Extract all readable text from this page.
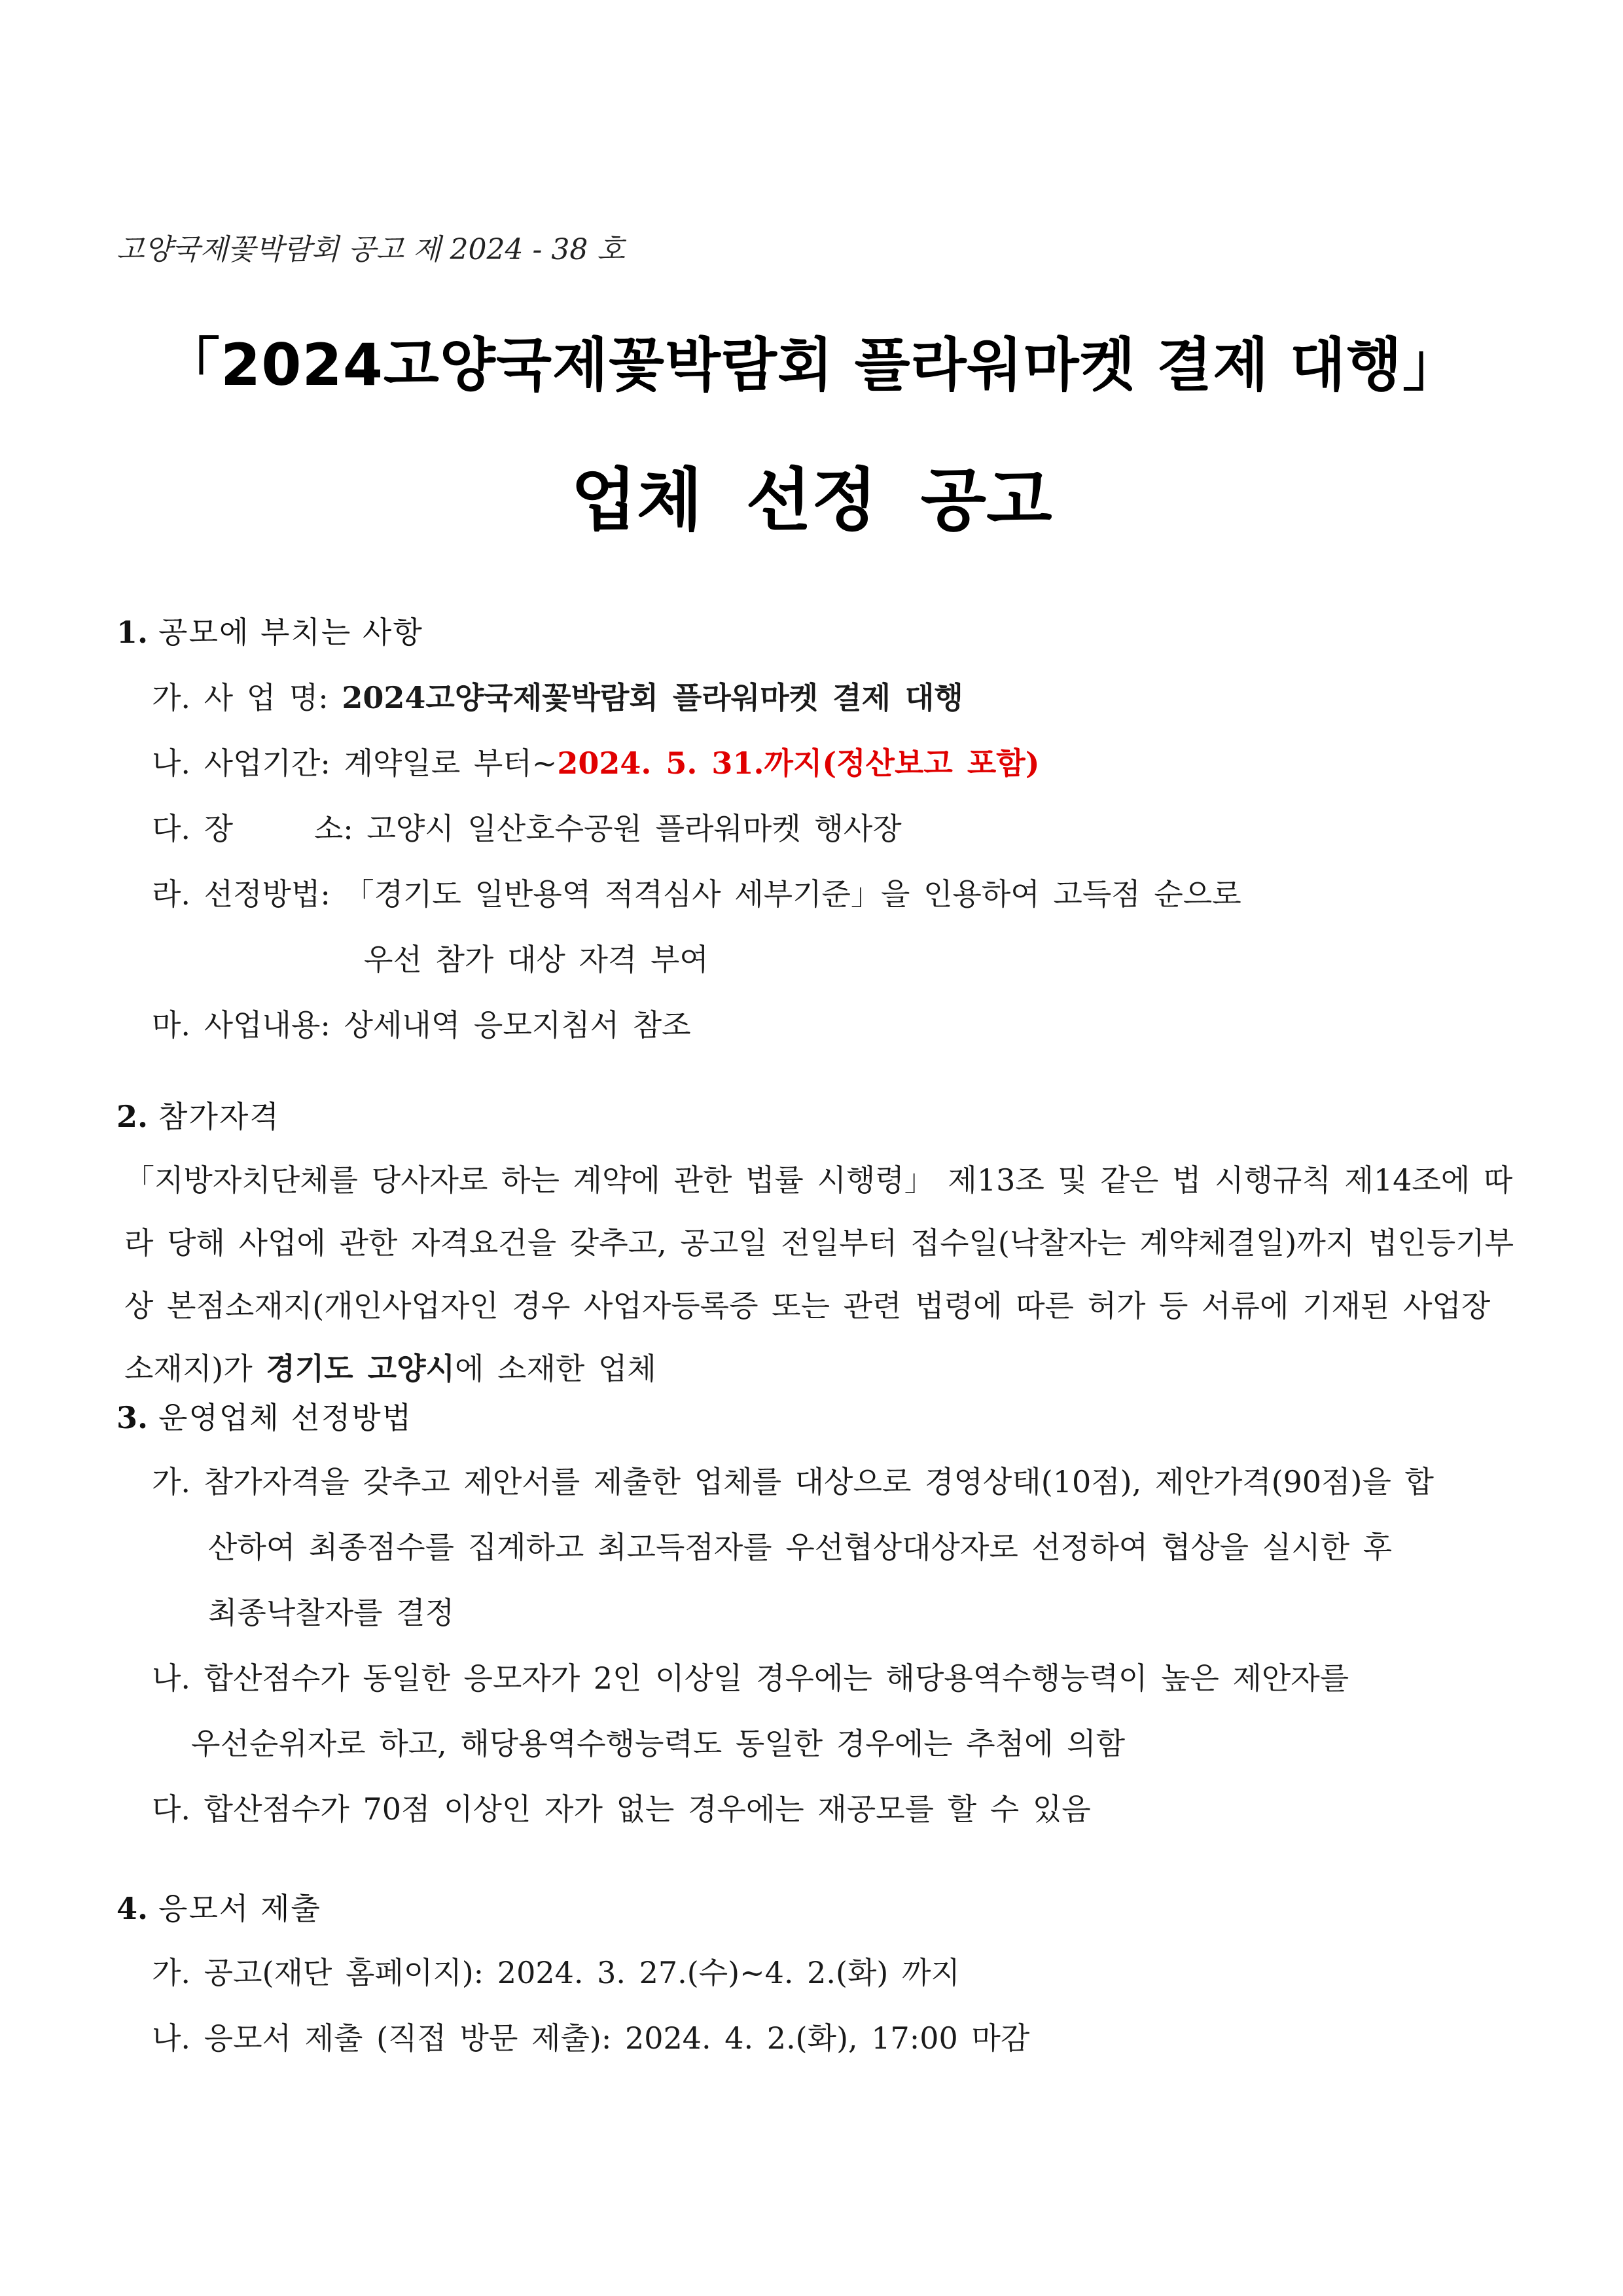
고양국제꽃박람회 공고 제 2024 - 38 호
「2024고양국제꽃박람회 플라워마켓 결제 대행」
업체 선정 공고
1. 공모에 부치는 사항
가. 사 업 명: 2024고양국제꽃박람회 플라워마켓 결제 대행
나. 사업기간: 계약일로 부터~2024. 5. 31.까지(정산보고 포함)
다. 장      소: 고양시 일산호수공원 플라워마켓 행사장
라. 선정방법: 「경기도 일반용역 적격심사 세부기준」을 인용하여 고득점 순으로
우선 참가 대상 자격 부여
마. 사업내용: 상세내역 응모지침서 참조
2. 참가자격
「지방자치단체를 당사자로 하는 계약에 관한 법률 시행령」 제13조 및 같은 법 시행규칙 제14조에 따라 당해 사업에 관한 자격요건을 갖추고, 공고일 전일부터 접수일(낙찰자는 계약체결일)까지 법인등기부상 본점소재지(개인사업자인 경우 사업자등록증 또는 관련 법령에 따른 허가 등 서류에 기재된 사업장 소재지)가 경기도 고양시에 소재한 업체
3. 운영업체 선정방법
가. 참가자격을 갖추고 제안서를 제출한 업체를 대상으로 경영상태(10점), 제안가격(90점)을 합
산하여 최종점수를 집계하고 최고득점자를 우선협상대상자로 선정하여 협상을 실시한 후
최종낙찰자를 결정
나. 합산점수가 동일한 응모자가 2인 이상일 경우에는 해당용역수행능력이 높은 제안자를
우선순위자로 하고, 해당용역수행능력도 동일한 경우에는 추첨에 의함
다. 합산점수가 70점 이상인 자가 없는 경우에는 재공모를 할 수 있음
4. 응모서 제출
가. 공고(재단 홈페이지): 2024. 3. 27.(수)~4. 2.(화) 까지
나. 응모서 제출 (직접 방문 제출): 2024. 4. 2.(화), 17:00 마감
